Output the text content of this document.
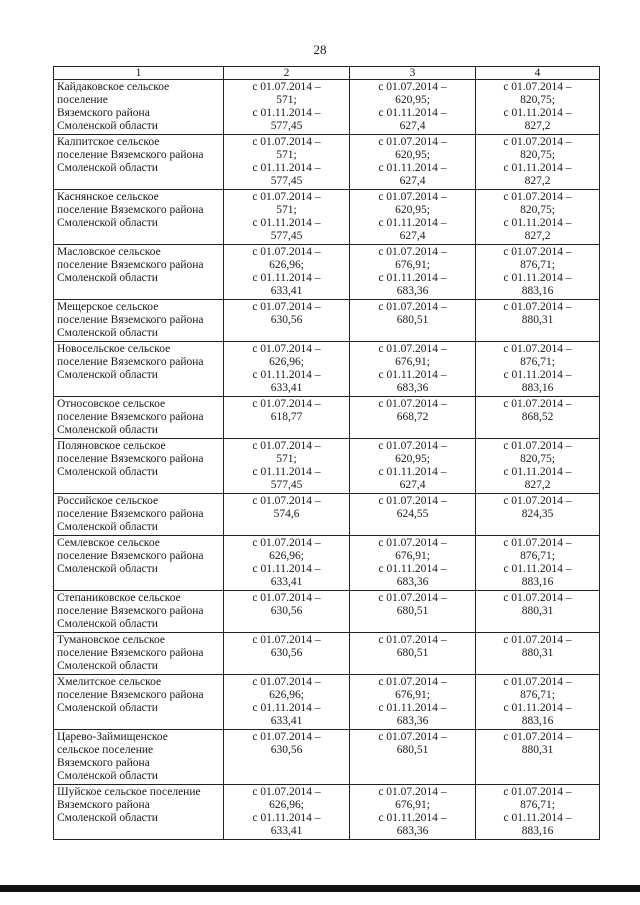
28
1	2	3	4

Кайдаковское сельское
поселение
Вяземского района
Смоленской области	с 01.07.2014 –
571;
с 01.11.2014 –
577,45	с 01.07.2014 –
620,95;
с 01.11.2014 –
627,4	с 01.07.2014 –
820,75;
с 01.11.2014 –
827,2

Калпитское сельское
поселение Вяземского района
Смоленской области	с 01.07.2014 –
571;
с 01.11.2014 –
577,45	с 01.07.2014 –
620,95;
с 01.11.2014 –
627,4	с 01.07.2014 –
820,75;
с 01.11.2014 –
827,2

Каснянское сельское
поселение Вяземского района
Смоленской области	с 01.07.2014 –
571;
с 01.11.2014 –
577,45	с 01.07.2014 –
620,95;
с 01.11.2014 –
627,4	с 01.07.2014 –
820,75;
с 01.11.2014 –
827,2

Масловское сельское
поселение Вяземского района
Смоленской области	с 01.07.2014 –
626,96;
с 01.11.2014 –
633,41	с 01.07.2014 –
676,91;
с 01.11.2014 –
683,36	с 01.07.2014 –
876,71;
с 01.11.2014 –
883,16

Мещерское сельское
поселение Вяземского района
Смоленской области	с 01.07.2014 –
630,56	с 01.07.2014 –
680,51	с 01.07.2014 –
880,31

Новосельское сельское
поселение Вяземского района
Смоленской области	с 01.07.2014 –
626,96;
с 01.11.2014 –
633,41	с 01.07.2014 –
676,91;
с 01.11.2014 –
683,36	с 01.07.2014 –
876,71;
с 01.11.2014 –
883,16

Относовское сельское
поселение Вяземского района
Смоленской области	с 01.07.2014 –
618,77	с 01.07.2014 –
668,72	с 01.07.2014 –
868,52

Поляновское сельское
поселение Вяземского района
Смоленской области	с 01.07.2014 –
571;
с 01.11.2014 –
577,45	с 01.07.2014 –
620,95;
с 01.11.2014 –
627,4	с 01.07.2014 –
820,75;
с 01.11.2014 –
827,2

Российское сельское
поселение Вяземского района
Смоленской области	с 01.07.2014 –
574,6	с 01.07.2014 –
624,55	с 01.07.2014 –
824,35

Семлевское сельское
поселение Вяземского района
Смоленской области	с 01.07.2014 –
626,96;
с 01.11.2014 –
633,41	с 01.07.2014 –
676,91;
с 01.11.2014 –
683,36	с 01.07.2014 –
876,71;
с 01.11.2014 –
883,16

Степаниковское сельское
поселение Вяземского района
Смоленской области	с 01.07.2014 –
630,56	с 01.07.2014 –
680,51	с 01.07.2014 –
880,31

Тумановское сельское
поселение Вяземского района
Смоленской области	с 01.07.2014 –
630,56	с 01.07.2014 –
680,51	с 01.07.2014 –
880,31

Хмелитское сельское
поселение Вяземского района
Смоленской области	с 01.07.2014 –
626,96;
с 01.11.2014 –
633,41	с 01.07.2014 –
676,91;
с 01.11.2014 –
683,36	с 01.07.2014 –
876,71;
с 01.11.2014 –
883,16

Царево-Займищенское
сельское поселение
Вяземского района
Смоленской области	с 01.07.2014 –
630,56	с 01.07.2014 –
680,51	с 01.07.2014 –
880,31

Шуйское сельское поселение
Вяземского района
Смоленской области	с 01.07.2014 –
626,96;
с 01.11.2014 –
633,41	с 01.07.2014 –
676,91;
с 01.11.2014 –
683,36	с 01.07.2014 –
876,71;
с 01.11.2014 –
883,16
